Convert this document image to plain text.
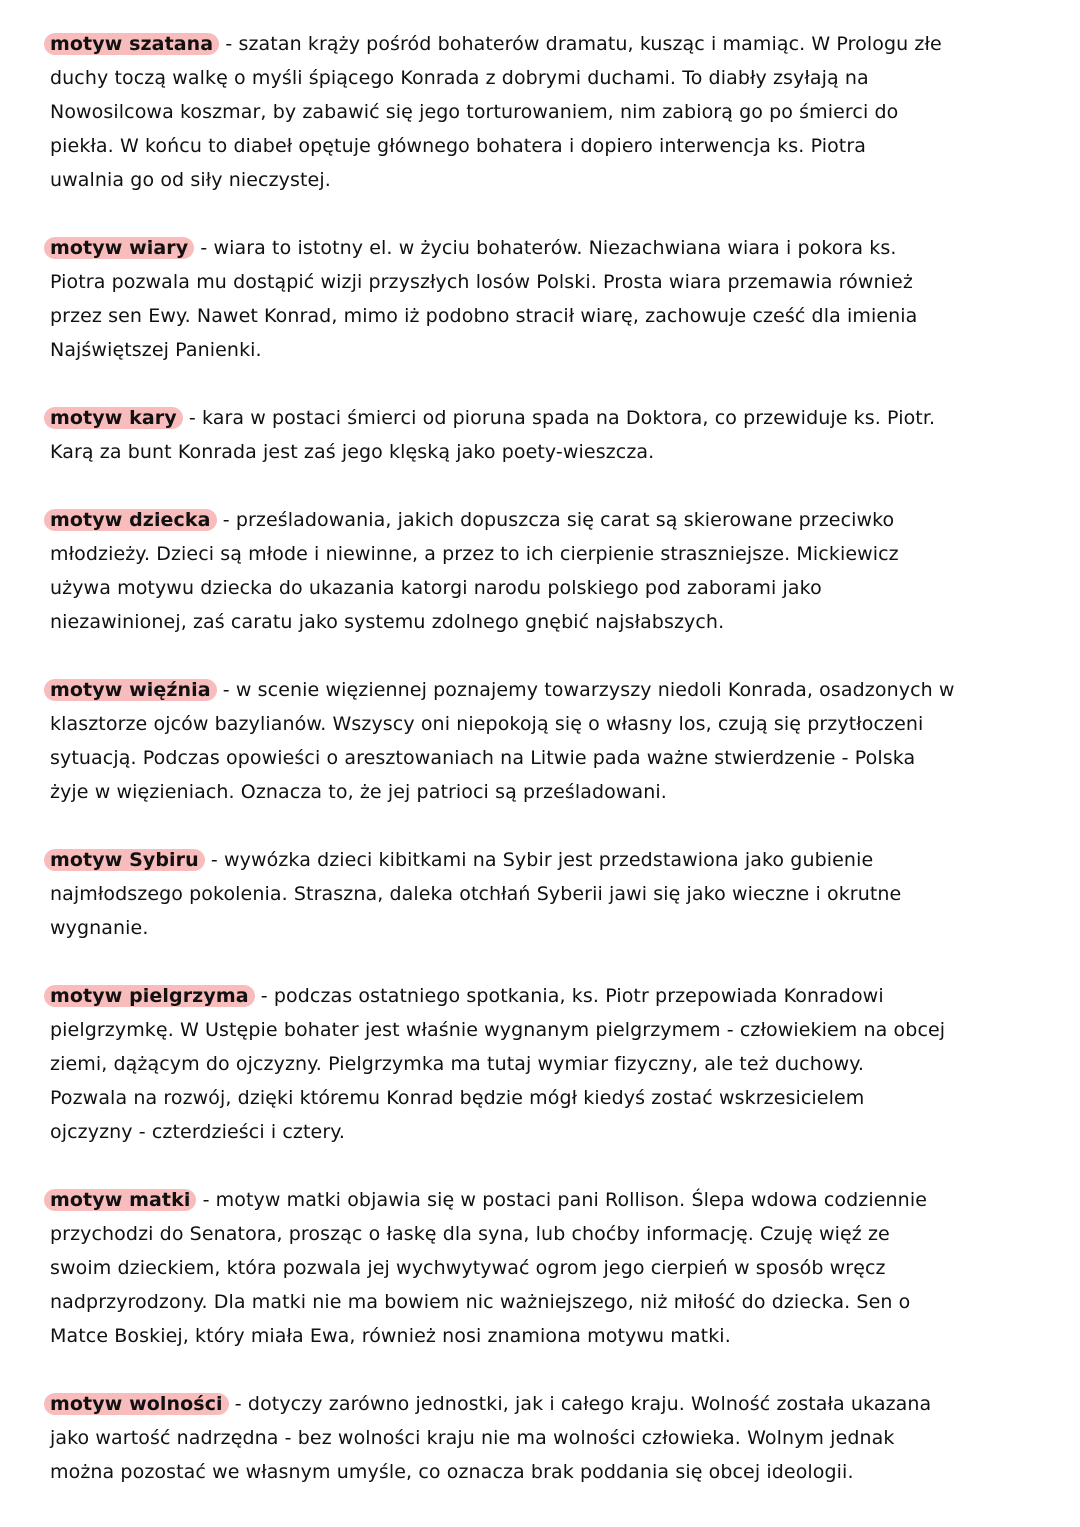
motyw szatana - szatan krąży pośród bohaterów dramatu, kusząc i mamiąc. W Prologu złe
duchy toczą walkę o myśli śpiącego Konrada z dobrymi duchami. To diabły zsyłają na
Nowosilcowa koszmar, by zabawić się jego torturowaniem, nim zabiorą go po śmierci do
piekła. W końcu to diabeł opętuje głównego bohatera i dopiero interwencja ks. Piotra
uwalnia go od siły nieczystej.
motyw wiary - wiara to istotny el. w życiu bohaterów. Niezachwiana wiara i pokora ks.
Piotra pozwala mu dostąpić wizji przyszłych losów Polski. Prosta wiara przemawia również
przez sen Ewy. Nawet Konrad, mimo iż podobno stracił wiarę, zachowuje cześć dla imienia
Najświętszej Panienki.
motyw kary - kara w postaci śmierci od pioruna spada na Doktora, co przewiduje ks. Piotr.
Karą za bunt Konrada jest zaś jego klęską jako poety-wieszcza.
motyw dziecka - prześladowania, jakich dopuszcza się carat są skierowane przeciwko
młodzieży. Dzieci są młode i niewinne, a przez to ich cierpienie straszniejsze. Mickiewicz
używa motywu dziecka do ukazania katorgi narodu polskiego pod zaborami jako
niezawinionej, zaś caratu jako systemu zdolnego gnębić najsłabszych.
motyw więźnia - w scenie więziennej poznajemy towarzyszy niedoli Konrada, osadzonych w
klasztorze ojców bazylianów. Wszyscy oni niepokoją się o własny los, czują się przytłoczeni
sytuacją. Podczas opowieści o aresztowaniach na Litwie pada ważne stwierdzenie - Polska
żyje w więzieniach. Oznacza to, że jej patrioci są prześladowani.
motyw Sybiru - wywózka dzieci kibitkami na Sybir jest przedstawiona jako gubienie
najmłodszego pokolenia. Straszna, daleka otchłań Syberii jawi się jako wieczne i okrutne
wygnanie.
motyw pielgrzyma - podczas ostatniego spotkania, ks. Piotr przepowiada Konradowi
pielgrzymkę. W Ustępie bohater jest właśnie wygnanym pielgrzymem - człowiekiem na obcej
ziemi, dążącym do ojczyzny. Pielgrzymka ma tutaj wymiar fizyczny, ale też duchowy.
Pozwala na rozwój, dzięki któremu Konrad będzie mógł kiedyś zostać wskrzesicielem
ojczyzny - czterdzieści i cztery.
motyw matki - motyw matki objawia się w postaci pani Rollison. Ślepa wdowa codziennie
przychodzi do Senatora, prosząc o łaskę dla syna, lub choćby informację. Czuję więź ze
swoim dzieckiem, która pozwala jej wychwytywać ogrom jego cierpień w sposób wręcz
nadprzyrodzony. Dla matki nie ma bowiem nic ważniejszego, niż miłość do dziecka. Sen o
Matce Boskiej, który miała Ewa, również nosi znamiona motywu matki.
motyw wolności - dotyczy zarówno jednostki, jak i całego kraju. Wolność została ukazana
jako wartość nadrzędna - bez wolności kraju nie ma wolności człowieka. Wolnym jednak
można pozostać we własnym umyśle, co oznacza brak poddania się obcej ideologii.
